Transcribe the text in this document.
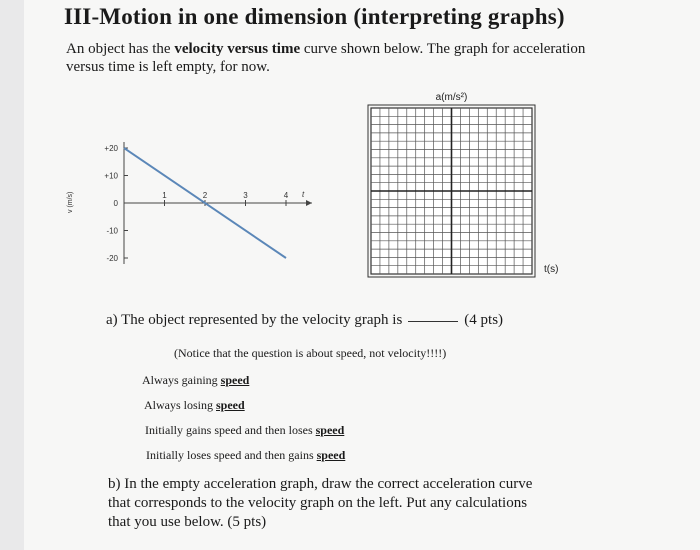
III-Motion in one dimension (interpreting graphs)
An object has the velocity versus time curve shown below. The graph for acceleration versus time is left empty, for now.
+20
+10
0
-10
-20
1	2	3	4 t
v (m/s)
a(m/s²)
t(s)
a) The object represented by the velocity graph is	(4 pts)
(Notice that the question is about speed, not velocity!!!!)
Always gaining speed
Always losing speed
Initially gains speed and then loses speed
Initially loses speed and then gains speed
b) In the empty acceleration graph, draw the correct acceleration curve
that corresponds to the velocity graph on the left. Put any calculations
that you use below. (5 pts)
